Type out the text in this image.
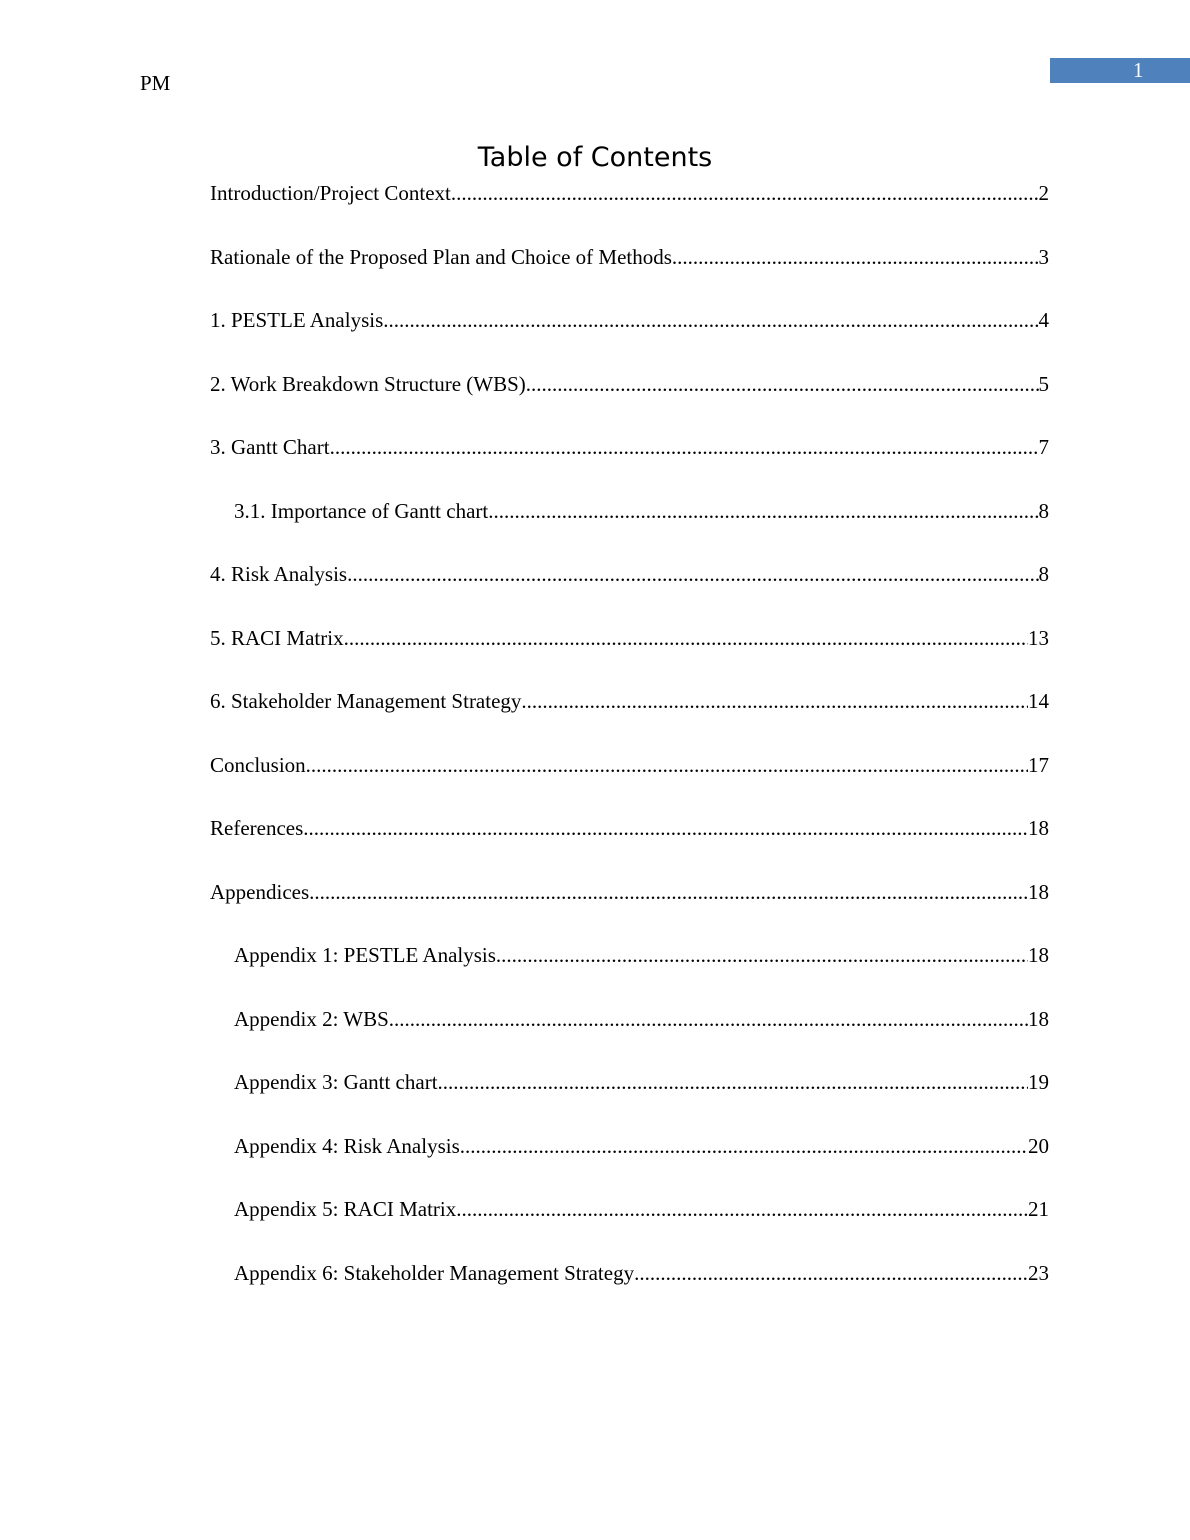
1
PM
Table of Contents
Introduction/Project Context .....	2
Rationale of the Proposed Plan and Choice of Methods .....	3
1. PESTLE Analysis .....	4
2. Work Breakdown Structure (WBS) .....	5
3. Gantt Chart .....	7
3.1. Importance of Gantt chart .....	8
4. Risk Analysis .....	8
5. RACI Matrix .....	13
6. Stakeholder Management Strategy .....	14
Conclusion .....	17
References .....	18
Appendices .....	18
Appendix 1: PESTLE Analysis .....	18
Appendix 2: WBS .....	18
Appendix 3: Gantt chart .....	19
Appendix 4: Risk Analysis .....	20
Appendix 5: RACI Matrix .....	21
Appendix 6: Stakeholder Management Strategy .....	23
